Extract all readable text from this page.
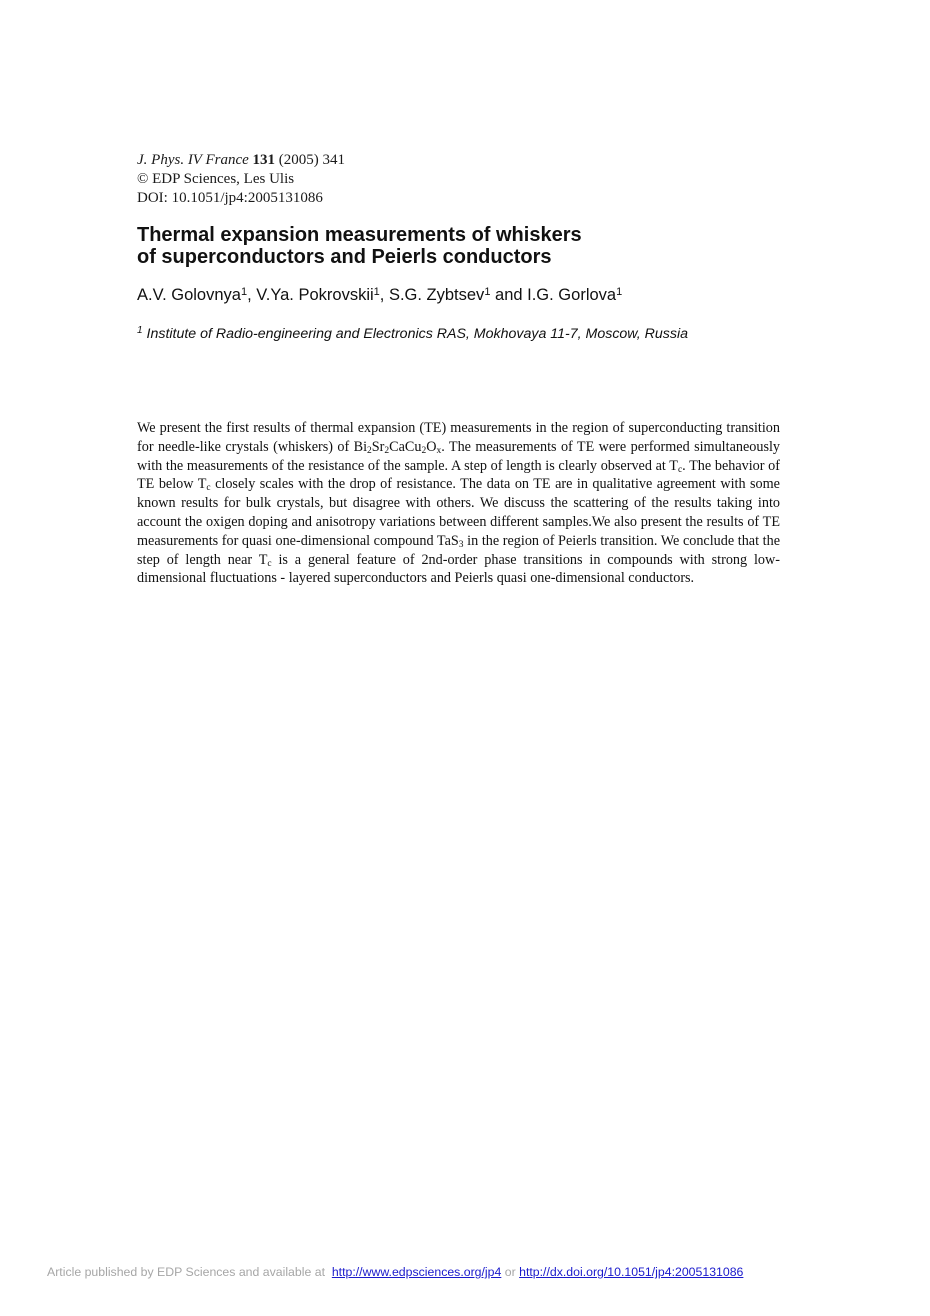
J. Phys. IV France 131 (2005) 341
© EDP Sciences, Les Ulis
DOI: 10.1051/jp4:2005131086
Thermal expansion measurements of whiskers
of superconductors and Peierls conductors
A.V. Golovnya$^1$, V.Ya. Pokrovskii$^1$, S.G. Zybtsev$^1$ and I.G. Gorlova$^1$
$^1$ Institute of Radio-engineering and Electronics RAS, Mokhovaya 11-7, Moscow, Russia

We present the first results of thermal expansion (TE) measurements in the region of superconducting transition for needle-like crystals (whiskers) of $Bi_2Sr_2CaCu_2O_x$. The measurements of TE were performed simultaneously with the measurements of the resistance of the sample. A step of length is clearly observed at $T_c$. The behavior of TE below $T_c$ closely scales with the drop of resistance. The data on TE are in qualitative agreement with some known results for bulk crystals, but disagree with others. We discuss the scattering of the results taking into account the oxigen doping and anisotropy variations between different samples.We also present the results of TE measurements for quasi one-dimensional compound TaS$_3$ in the region of Peierls transition. We conclude that the step of length near $T_c$ is a general feature of 2nd-order phase transitions in compounds with strong low-dimensional fluctuations - layered superconductors and Peierls quasi one-dimensional conductors.

Article published by EDP Sciences and available at http://www.edpsciences.org/jp4 or http://dx.doi.org/10.1051/jp4:2005131086
